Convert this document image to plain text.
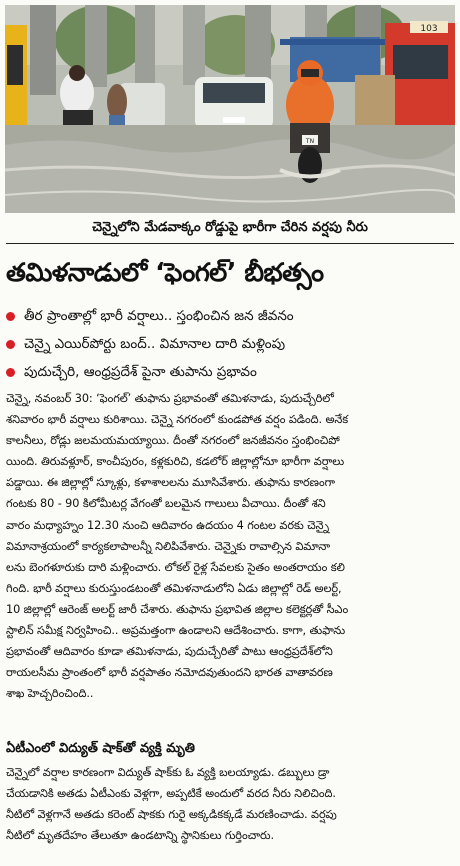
103
TN
చెన్నైలోని మేడవాక్కం రోడ్డుపై భారీగా చేరిన వర్షపు నీరు
తమిళనాడులో ‘ఫెంగల్’ బీభత్సం
తీర ప్రాంతాల్లో భారీ వర్షాలు.. స్తంభించిన జన జీవనం
చెన్నై ఎయిర్‌పోర్టు బంద్.. విమానాల దారి మళ్లింపు
పుదుచ్చేరి, ఆంధ్రప్రదేశ్ పైనా తుపాను ప్రభావం

చెన్నై, నవంబర్ 30: ‘ఫెంగల్’ తుఫాను ప్రభావంతో తమిళనాడు, పుదుచ్చేరిలో

శనివారం భారీ వర్షాలు కురిశాయి. చెన్నై నగరంలో కుండపోత వర్షం పడింది. అనేక

కాలనీలు, రోడ్లు జలమయమయ్యాయి. దీంతో నగరంలో జనజీవనం స్తంభించిపో

యింది. తిరువళ్లూర్, కాంచీపురం, కళ్లకురిచి, కడలోర్ జిల్లాల్లోనూ భారీగా వర్షాలు

పడ్డాయి. ఈ జిల్లాల్లో స్కూళ్లు, కళాశాలలను మూసివేశారు. తుఫాను కారణంగా

గంటకు 80 - 90 కిలోమీటర్ల వేగంతో బలమైన గాలులు వీచాయి. దీంతో శని

వారం మధ్యాహ్నం 12.30 నుంచి ఆదివారం ఉదయం 4 గంటల వరకు చెన్నై

విమానాశ్రయంలో కార్యకలాపాలన్నీ నిలిపివేశారు. చెన్నైకు రావాల్సిన విమానా

లను బెంగళూరుకు దారి మళ్లించారు. లోకల్ రైళ్ల సేవలకు సైతం అంతరాయం కలి

గింది. భారీ వర్షాలు కురుస్తుండటంతో తమిళనాడులోని ఏడు జిల్లాల్లో రెడ్ అలర్ట్,

10 జిల్లాల్లో ఆరెంజ్ అలర్ట్ జారీ చేశారు. తుఫాను ప్రభావిత జిల్లాల కలెక్టర్లతో సీఎం

స్టాలిన్ సమీక్ష నిర్వహించి.. అప్రమత్తంగా ఉండాలని ఆదేశించారు. కాగా, తుఫాను

ప్రభావంతో ఆదివారం కూడా తమిళనాడు, పుదుచ్చేరితో పాటు ఆంధ్రప్రదేశ్‌లోని

రాయలసీమ ప్రాంతంలో భారీ వర్షపాతం నమోదవుతుందని భారత వాతావరణ

శాఖ హెచ్చరించింది..

ఏటీఎంలో విద్యుత్ షాక్‌తో వ్యక్తి మృతి

చెన్నైలో వర్షాల కారణంగా విద్యుత్ షాక్‌కు ఓ వ్యక్తి బలయ్యాడు. డబ్బులు డ్రా

చేయడానికి అతడు ఏటీఎంకు వెళ్లగా, అప్పటికే అందులో వరద నీరు నిలిచింది.

నీటిలో వెళ్లగానే అతడు కరెంట్ షాకకు గురై అక్కడికక్కడే మరణించాడు. వర్షపు

నీటిలో మృతదేహం తేలుతూ ఉండటాన్ని స్థానికులు గుర్తించారు.
